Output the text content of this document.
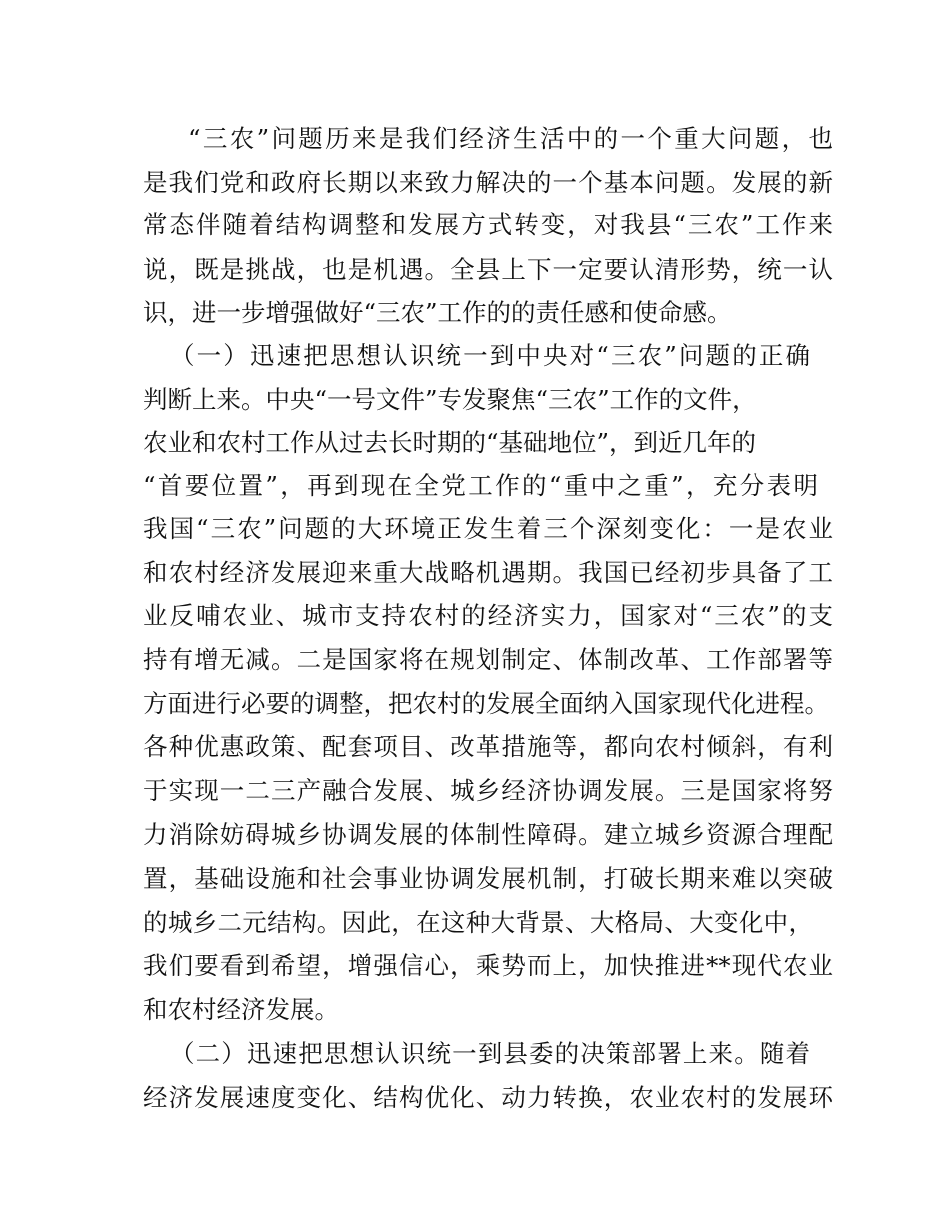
“三农”问题历来是我们经济生活中的一个重大问题，也
是我们党和政府长期以来致力解决的一个基本问题。发展的新
常态伴随着结构调整和发展方式转变，对我县“三农”工作来
说，既是挑战，也是机遇。全县上下一定要认清形势，统一认
识，进一步增强做好“三农”工作的的责任感和使命感。
（一）迅速把思想认识统一到中央对“三农”问题的正确
判断上来。中央“一号文件”专发聚焦“三农”工作的文件，
农业和农村工作从过去长时期的“基础地位”，到近几年的
“首要位置”，再到现在全党工作的“重中之重”，充分表明
我国“三农”问题的大环境正发生着三个深刻变化：一是农业
和农村经济发展迎来重大战略机遇期。我国已经初步具备了工
业反哺农业、城市支持农村的经济实力，国家对“三农”的支
持有增无减。二是国家将在规划制定、体制改革、工作部署等
方面进行必要的调整，把农村的发展全面纳入国家现代化进程。
各种优惠政策、配套项目、改革措施等，都向农村倾斜，有利
于实现一二三产融合发展、城乡经济协调发展。三是国家将努
力消除妨碍城乡协调发展的体制性障碍。建立城乡资源合理配
置，基础设施和社会事业协调发展机制，打破长期来难以突破
的城乡二元结构。因此，在这种大背景、大格局、大变化中，
我们要看到希望，增强信心，乘势而上，加快推进**现代农业
和农村经济发展。
（二）迅速把思想认识统一到县委的决策部署上来。随着
经济发展速度变化、结构优化、动力转换，农业农村的发展环
